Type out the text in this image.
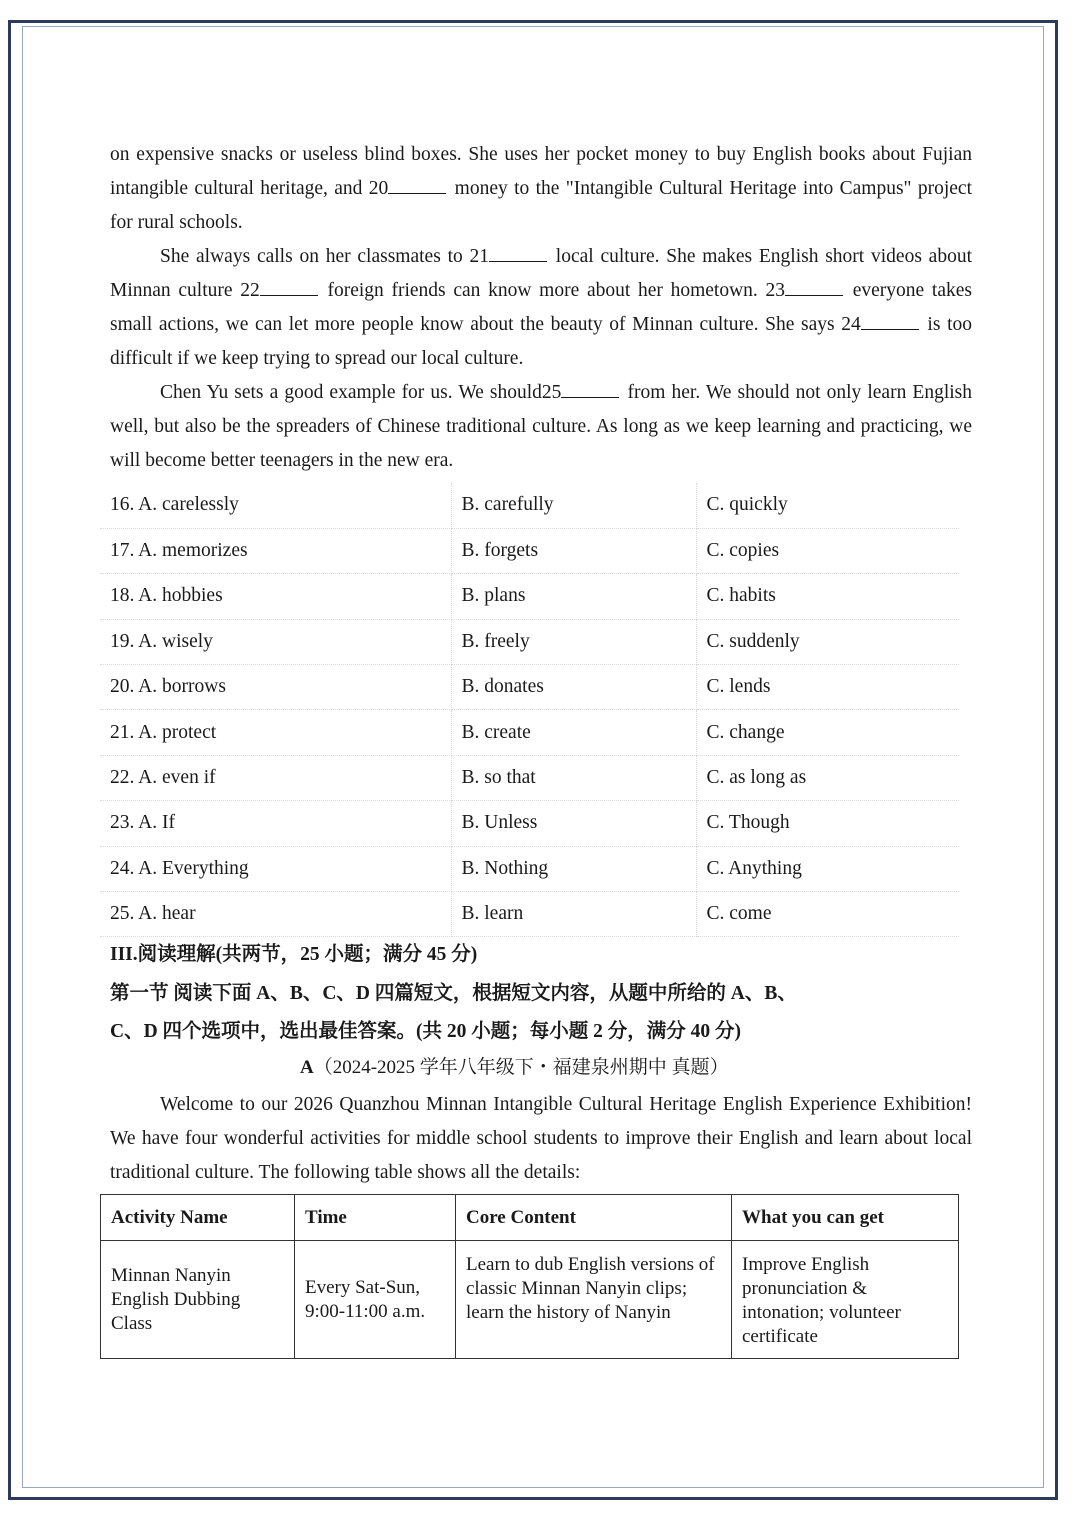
on expensive snacks or useless blind boxes. She uses her pocket money to buy English books about Fujian intangible cultural heritage, and 20	money to the "Intangible Cultural Heritage into Campus" project for rural schools.

She always calls on her classmates to 21	local culture. She makes English short videos about Minnan culture 22	foreign friends can know more about her hometown. 23	everyone takes small actions, we can let more people know about the beauty of Minnan culture. She says 24	is too difficult if we keep trying to spread our local culture.

Chen Yu sets a good example for us. We should25	from her. We should not only learn English well, but also be the spreaders of Chinese traditional culture. As long as we keep learning and practicing, we will become better teenagers in the new era.

16. A. carelessly	B. carefully	C. quickly
17. A. memorizes	B. forgets	C. copies
18. A. hobbies	B. plans	C. habits
19. A. wisely	B. freely	C. suddenly
20. A. borrows	B. donates	C. lends
21. A. protect	B. create	C. change
22. A. even if	B. so that	C. as long as
23. A. If	B. Unless	C. Though
24. A. Everything	B. Nothing	C. Anything
25. A. hear	B. learn	C. come
III.阅读理解(共两节，25 小题；满分 45 分)
第一节 阅读下面 A、B、C、D 四篇短文，根据短文内容，从题中所给的 A、B、
C、D 四个选项中，选出最佳答案。(共 20 小题；每小题 2 分，满分 40 分)
A（2024-2025 学年八年级下・福建泉州期中 真题）

Welcome to our 2026 Quanzhou Minnan Intangible Cultural Heritage English Experience Exhibition! We have four wonderful activities for middle school students to improve their English and learn about local traditional culture. The following table shows all the details:

Activity Name	Time	Core Content	What you can get
Minnan Nanyin English Dubbing Class	Every Sat-Sun, 9:00-11:00 a.m.	Learn to dub English versions of classic Minnan Nanyin clips; learn the history of Nanyin	Improve English pronunciation & intonation; volunteer certificate
